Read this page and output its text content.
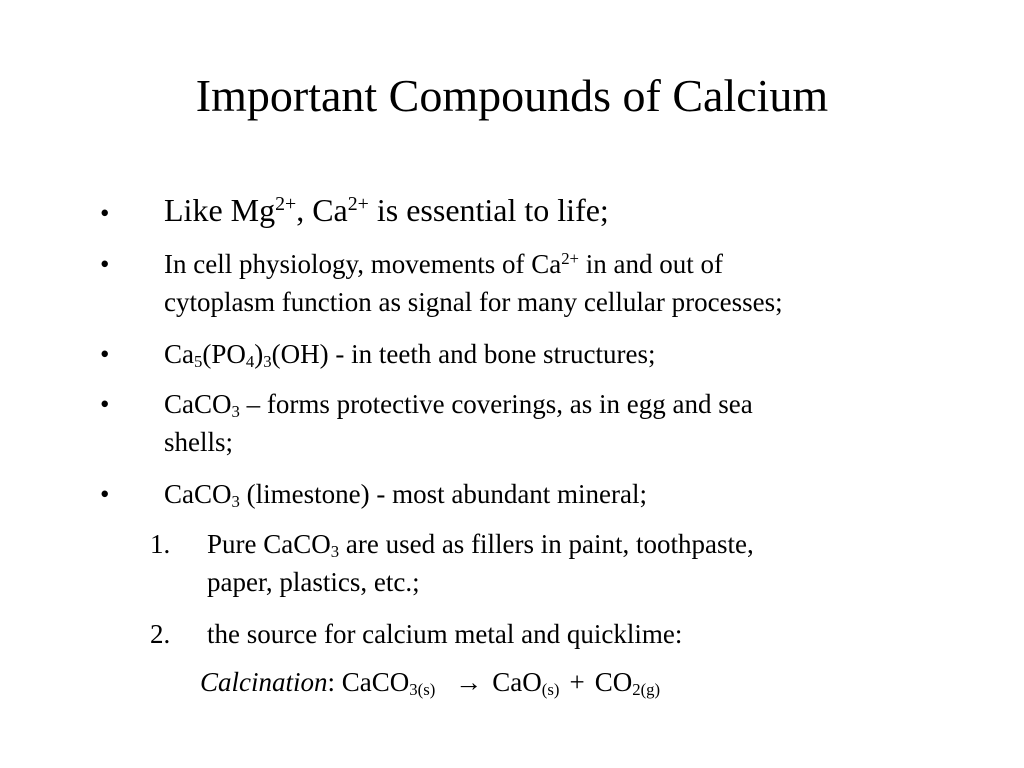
Important Compounds of Calcium
• Like $Mg^{2+}$, $Ca^{2+}$ is essential to life;
• In cell physiology, movements of $Ca^{2+}$ in and out of
cytoplasm function as signal for many cellular processes;
• $Ca_5(PO_4)_3(OH)$ - in teeth and bone structures;
• CaCO$_3$ – forms protective coverings, as in egg and sea
shells;
• CaCO$_3$ (limestone) - most abundant mineral;
1. Pure CaCO$_3$ are used as fillers in paint, toothpaste,
paper, plastics, etc.;
2. the source for calcium metal and quicklime:
Calcination: CaCO$_{3(s)}$ → $CaO_{(s)} + CO_{2(g)}$
